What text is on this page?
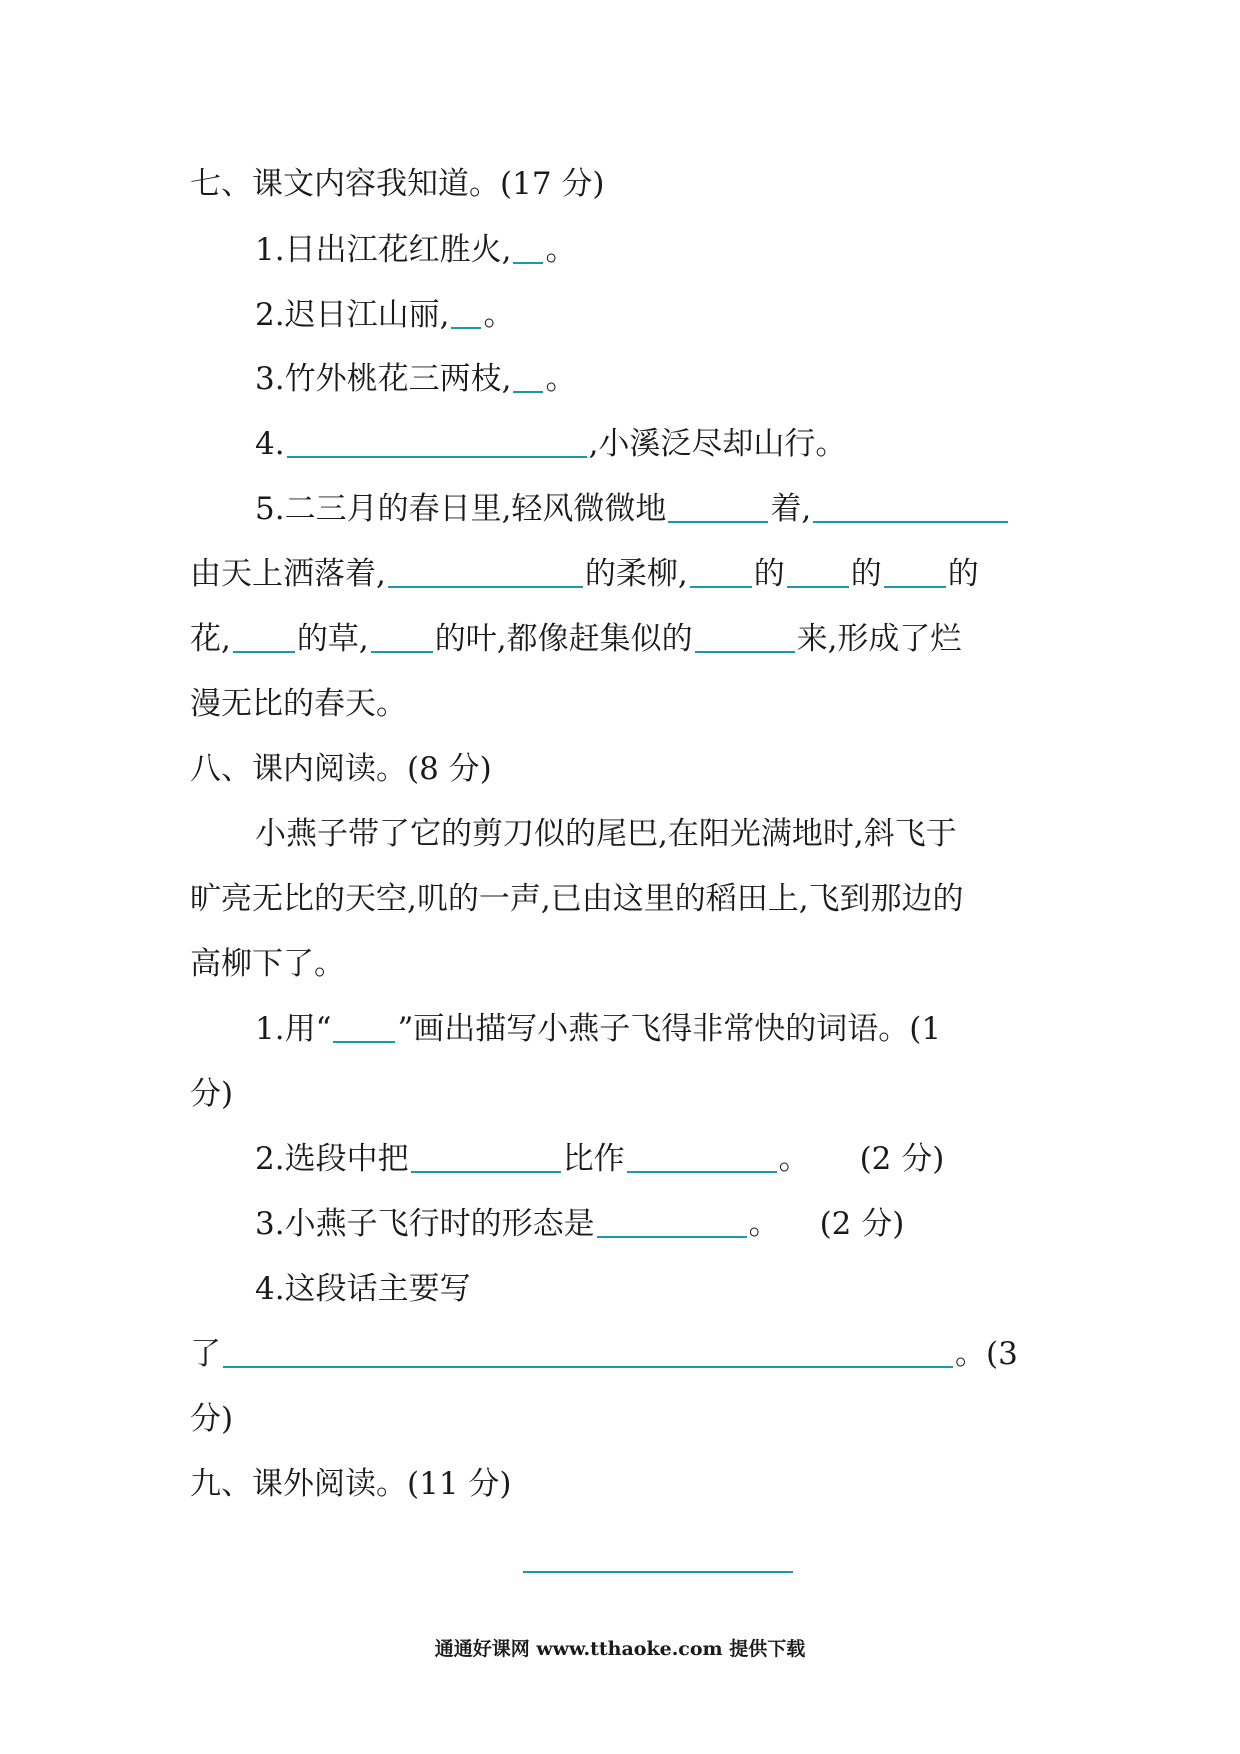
七、课文内容我知道。(17 分)
1.日出江花红胜火, 。
2.迟日江山丽, 。
3.竹外桃花三两枝, 。
4.	,小溪泛尽却山行。
5.二三月的春日里,轻风微微地	着,
由天上洒落着,	的柔柳, 的 的 的
花, 的草, 的叶,都像赶集似的	来,形成了烂
漫无比的春天。
八、课内阅读。(8 分)
小燕子带了它的剪刀似的尾巴,在阳光满地时,斜飞于
旷亮无比的天空,叽的一声,已由这里的稻田上,飞到那边的
高柳下了。
1.用“ ”画出描写小燕子飞得非常快的词语。(1
分)
2.选段中把	比作	。 (2 分)
3.小燕子飞行时的形态是	。 (2 分)
4.这段话主要写
了	。(3
分)
九、课外阅读。(11 分)
通通好课网 www.tthaoke.com 提供下载
